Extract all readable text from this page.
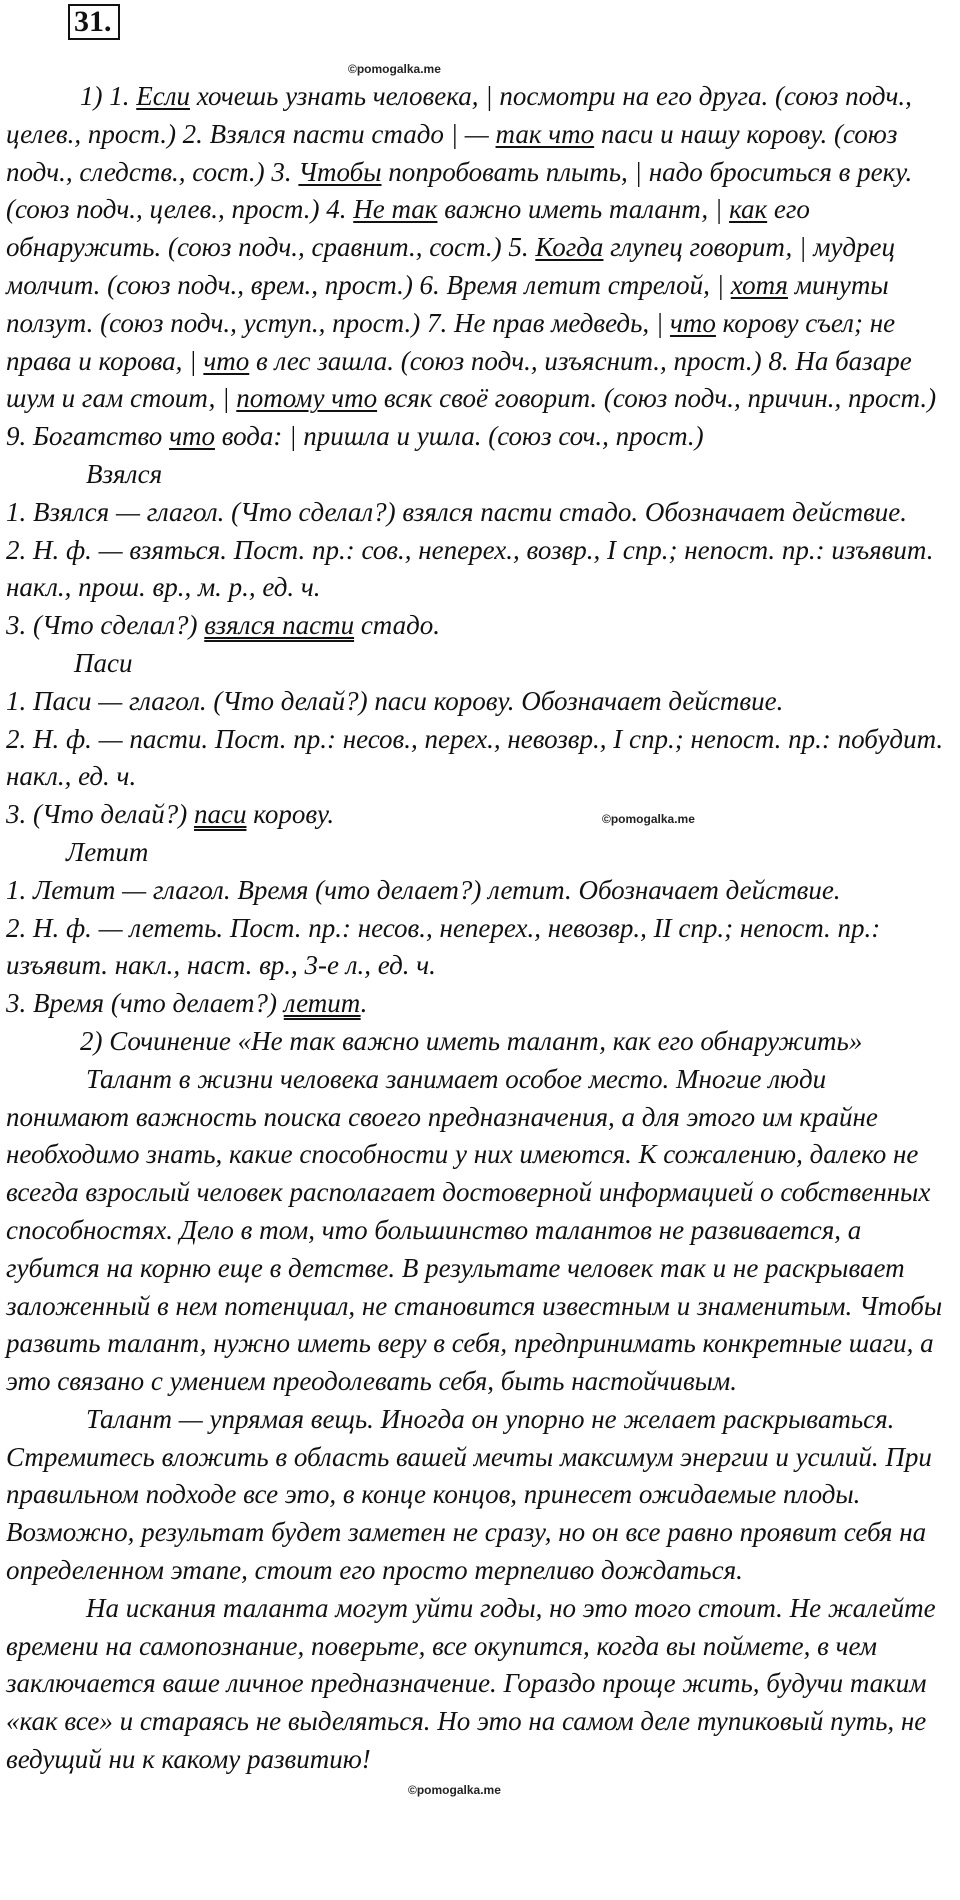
31.
©pomogalka.me
©pomogalka.me
©pomogalka.me

1) 1. Если хочешь узнать человека, | посмотри на его друга. (союз подч., целев., прост.) 2. Взялся пасти стадо | — так что паси и нашу корову. (союз подч., следств., сост.) 3. Чтобы попробовать плыть, | надо броситься в реку. (союз подч., целев., прост.) 4. Не так важно иметь талант, | как его обнаружить. (союз подч., сравнит., сост.) 5. Когда глупец говорит, | мудрец молчит. (союз подч., врем., прост.) 6. Время летит стрелой, | хотя минуты ползут. (союз подч., уступ., прост.) 7. Не прав медведь, | что корову съел; не права и корова, | что в лес зашла. (союз подч., изъяснит., прост.) 8. На базаре шум и гам стоит, | потому что всяк своё говорит. (союз подч., причин., прост.) 9. Богатство что вода: | пришла и ушла. (союз соч., прост.)

Взялся

1. Взялся — глагол. (Что сделал?) взялся пасти стадо. Обозначает действие.

2. Н. ф. — взяться. Пост. пр.: сов., неперех., возвр., I спр.; непост. пр.: изъявит. накл., прош. вр., м. р., ед. ч.

3. (Что сделал?) взялся пасти стадо.

Паси

1. Паси — глагол. (Что делай?) паси корову. Обозначает действие.

2. Н. ф. — пасти. Пост. пр.: несов., перех., невозвр., I спр.; непост. пр.: побудит. накл., ед. ч.

3. (Что делай?) паси корову.

Летит

1. Летит — глагол. Время (что делает?) летит. Обозначает действие.

2. Н. ф. — лететь. Пост. пр.: несов., неперех., невозвр., II спр.; непост. пр.: изъявит. накл., наст. вр., 3-е л., ед. ч.

3. Время (что делает?) летит.

2) Сочинение «Не так важно иметь талант, как его обнаружить»

Талант в жизни человека занимает особое место. Многие люди понимают важность поиска своего предназначения, а для этого им крайне необходимо знать, какие способности у них имеются. К сожалению, далеко не всегда взрослый человек располагает достоверной информацией о собственных способностях. Дело в том, что большинство талантов не развивается, а губится на корню еще в детстве. В результате человек так и не раскрывает заложенный в нем потенциал, не становится известным и знаменитым. Чтобы развить талант, нужно иметь веру в себя, предпринимать конкретные шаги, а это связано с умением преодолевать себя, быть настойчивым.

Талант — упрямая вещь. Иногда он упорно не желает раскрываться. Стремитесь вложить в область вашей мечты максимум энергии и усилий. При правильном подходе все это, в конце концов, принесет ожидаемые плоды. Возможно, результат будет заметен не сразу, но он все равно проявит себя на определенном этапе, стоит его просто терпеливо дождаться.

На искания таланта могут уйти годы, но это того стоит. Не жалейте времени на самопознание, поверьте, все окупится, когда вы поймете, в чем заключается ваше личное предназначение. Гораздо проще жить, будучи таким «как все» и стараясь не выделяться. Но это на самом деле тупиковый путь, не ведущий ни к какому развитию!
